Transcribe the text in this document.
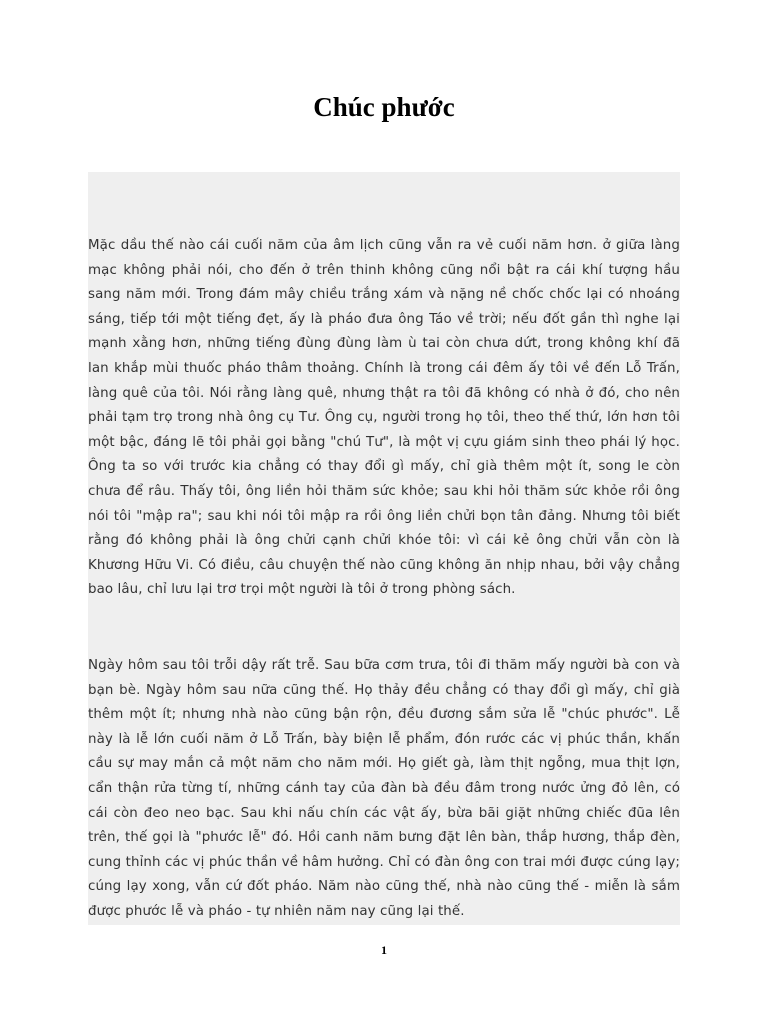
Chúc phước

Mặc dầu thế nào cái cuối năm của âm lịch cũng vẫn ra vẻ cuối năm hơn. ở giữa làng mạc không phải nói, cho đến ở trên thinh không cũng nổi bật ra cái khí tượng hầu sang năm mới. Trong đám mây chiều trắng xám và nặng nề chốc chốc lại có nhoáng sáng, tiếp tới một tiếng đẹt, ấy là pháo đưa ông Táo về trời; nếu đốt gần thì nghe lại mạnh xằng hơn, những tiếng đùng đùng làm ù tai còn chưa dứt, trong không khí đã lan khắp mùi thuốc pháo thâm thoảng. Chính là trong cái đêm ấy tôi về đến Lỗ Trấn, làng quê của tôi. Nói rằng làng quê, nhưng thật ra tôi đã không có nhà ở đó, cho nên phải tạm trọ trong nhà ông cụ Tư. Ông cụ, người trong họ tôi, theo thế thứ, lớn hơn tôi một bậc, đáng lẽ tôi phải gọi bằng "chú Tư", là một vị cựu giám sinh theo phái lý học. Ông ta so với trước kia chẳng có thay đổi gì mấy, chỉ già thêm một ít, song le còn chưa để râu. Thấy tôi, ông liền hỏi thăm sức khỏe; sau khi hỏi thăm sức khỏe rồi ông nói tôi "mập ra"; sau khi nói tôi mập ra rồi ông liền chửi bọn tân đảng. Nhưng tôi biết rằng đó không phải là ông chửi cạnh chửi khóe tôi: vì cái kẻ ông chửi vẫn còn là Khương Hữu Vi. Có điều, câu chuyện thế nào cũng không ăn nhịp nhau, bởi vậy chẳng bao lâu, chỉ lưu lại trơ trọi một người là tôi ở trong phòng sách.

Ngày hôm sau tôi trỗi dậy rất trễ. Sau bữa cơm trưa, tôi đi thăm mấy người bà con và bạn bè. Ngày hôm sau nữa cũng thế. Họ thảy đều chẳng có thay đổi gì mấy, chỉ già thêm một ít; nhưng nhà nào cũng bận rộn, đều đương sắm sửa lễ "chúc phước". Lễ này là lễ lớn cuối năm ở Lỗ Trấn, bày biện lễ phẩm, đón rước các vị phúc thần, khấn cầu sự may mắn cả một năm cho năm mới. Họ giết gà, làm thịt ngỗng, mua thịt lợn, cẩn thận rửa từng tí, những cánh tay của đàn bà đều đâm trong nước ửng đỏ lên, có cái còn đeo neo bạc. Sau khi nấu chín các vật ấy, bừa bãi giặt những chiếc đũa lên trên, thế gọi là "phước lễ" đó. Hồi canh năm bưng đặt lên bàn, thắp hương, thắp đèn, cung thỉnh các vị phúc thần về hâm hưởng. Chỉ có đàn ông con trai mới được cúng lạy; cúng lạy xong, vẫn cứ đốt pháo. Năm nào cũng thế, nhà nào cũng thế - miễn là sắm được phước lễ và pháo - tự nhiên năm nay cũng lại thế.

1
